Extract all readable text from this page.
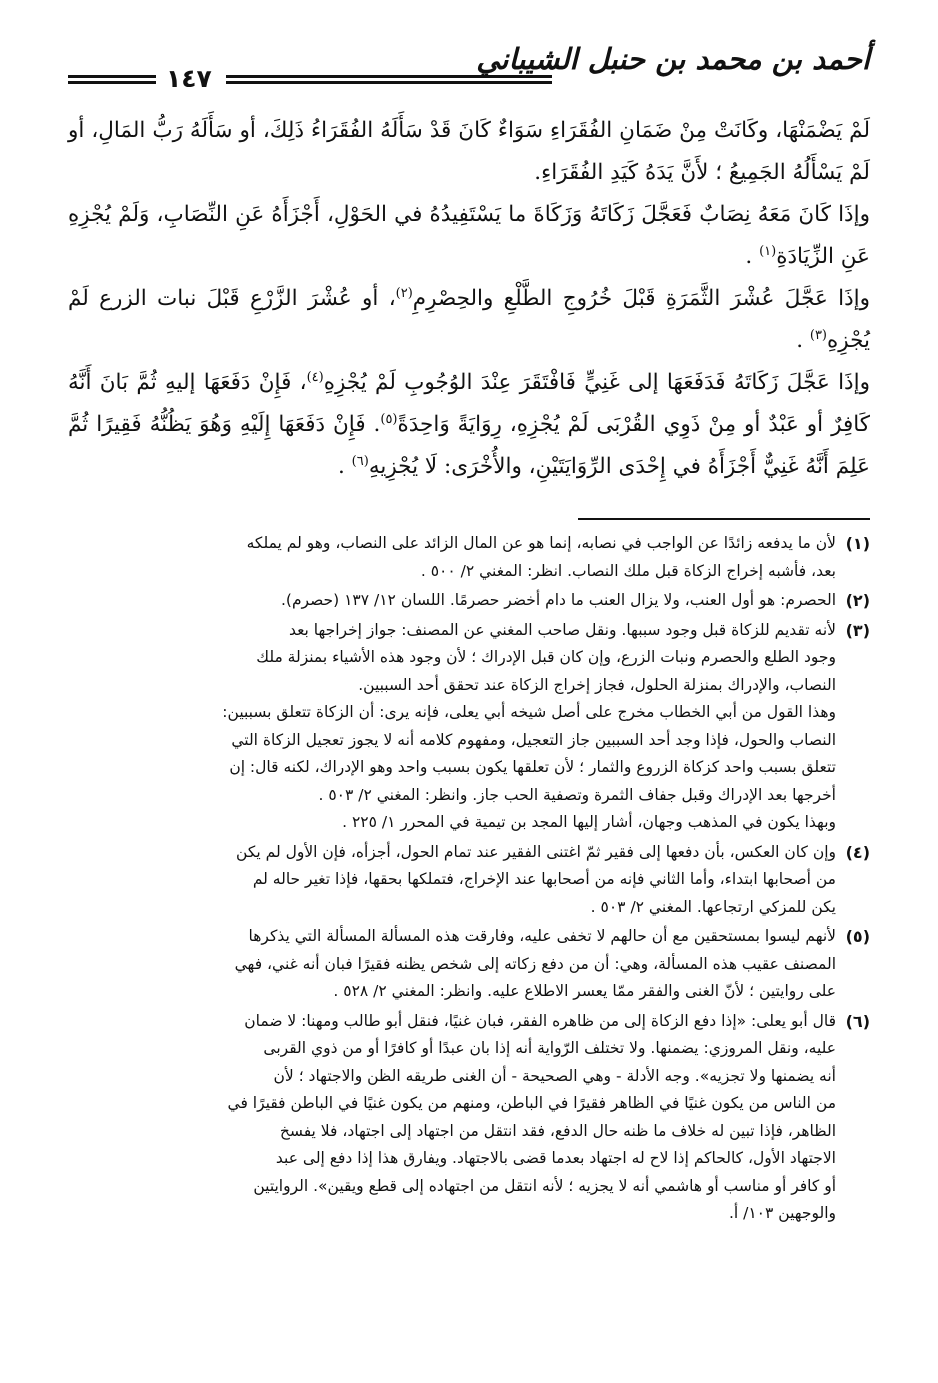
أحمد بن محمد بن حنبل الشيباني
١٤٧

لَمْ يَضْمَنْهَا، وكَانَتْ مِنْ ضَمَانِ الفُقَرَاءِ سَوَاءٌ كَانَ قَدْ سَأَلَهُ الفُقَرَاءُ ذَلِكَ، أو سَأَلَهُ رَبُّ المَالِ، أو لَمْ يَسْأَلُهُ الجَمِيعُ ؛ لأَنَّ يَدَهُ كَيَدِ الفُقَرَاءِ.

وإذَا كَانَ مَعَهُ نِصَابٌ فَعَجَّلَ زَكَاتَهُ وَزَكَاةَ ما يَسْتَفِيدُهُ في الحَوْلِ، أَجْزَأَهُ عَنِ النِّصَابِ، وَلَمْ يُجْزِهِ عَنِ الزِّيَادَةِ$^{(١)}$ .

وإذَا عَجَّلَ عُشْرَ الثَّمَرَةِ قَبْلَ خُرُوجِ الطَّلْعِ والحِصْرِمِ$^{(٢)}$، أو عُشْرَ الزَّرْعِ قَبْلَ نبات الزرع لَمْ يُجْزِهِ$^{(٣)}$ .

وإذَا عَجَّلَ زَكَاتَهُ فَدَفَعَهَا إلى غَنِيٍّ فَافْتَقَرَ عِنْدَ الوُجُوبِ لَمْ يُجْزِهِ$^{(٤)}$، فَإِنْ دَفَعَهَا إليهِ ثُمَّ بَانَ أَنَّهُ كَافِرٌ أو عَبْدٌ أو مِنْ ذَوِي القُرْبَى لَمْ يُجْزِهِ، رِوَايَةً وَاحِدَةً$^{(٥)}$. فَإِنْ دَفَعَهَا إِلَيْهِ وَهُوَ يَظُنُّهُ فَقِيرًا ثُمَّ عَلِمَ أَنَّهُ غَنِيٌّ أَجْزَأَهُ في إِحْدَى الرِّوَايَتَيْنِ، والأُخْرَى: لَا يُجْزِيهِ$^{(٦)}$ .

(١)

لأن ما يدفعه زائدًا عن الواجب في نصابه، إنما هو عن المال الزائد على النصاب، وهو لم يملكه

بعد، فأشبه إخراج الزكاة قبل ملك النصاب. انظر: المغني ٢/ ٥٠٠ .

(٢)

الحصرم: هو أول العنب، ولا يزال العنب ما دام أخضر حصرمًا. اللسان ١٢/ ١٣٧ (حصرم).

(٣)

لأنه تقديم للزكاة قبل وجود سببها. ونقل صاحب المغني عن المصنف: جواز إخراجها بعد

وجود الطلع والحصرم ونبات الزرع، وإن كان قبل الإدراك ؛ لأن وجود هذه الأشياء بمنزلة ملك

النصاب، والإدراك بمنزلة الحلول، فجاز إخراج الزكاة عند تحقق أحد السببين.

وهذا القول من أبي الخطاب مخرج على أصل شيخه أبي يعلى، فإنه يرى: أن الزكاة تتعلق بسببين:

النصاب والحول، فإذا وجد أحد السببين جاز التعجيل، ومفهوم كلامه أنه لا يجوز تعجيل الزكاة التي

تتعلق بسبب واحد كزكاة الزروع والثمار ؛ لأن تعلقها يكون بسبب واحد وهو الإدراك، لكنه قال: إن

أخرجها بعد الإدراك وقبل جفاف الثمرة وتصفية الحب جاز. وانظر: المغني ٢/ ٥٠٣ .

وبهذا يكون في المذهب وجهان، أشار إليها المجد بن تيمية في المحرر ١/ ٢٢٥ .

(٤)

وإن كان العكس، بأن دفعها إلى فقير ثمّ اغتنى الفقير عند تمام الحول، أجزأه، فإن الأول لم يكن

من أصحابها ابتداء، وأما الثاني فإنه من أصحابها عند الإخراج، فتملكها بحقها، فإذا تغير حاله لم

يكن للمزكي ارتجاعها. المغني ٢/ ٥٠٣ .

(٥)

لأنهم ليسوا بمستحقين مع أن حالهم لا تخفى عليه، وفارقت هذه المسألة المسألة التي يذكرها

المصنف عقيب هذه المسألة، وهي: أن من دفع زكاته إلى شخص يظنه فقيرًا فبان أنه غني، فهي

على روايتين ؛ لأنّ الغنى والفقر ممّا يعسر الاطلاع عليه. وانظر: المغني ٢/ ٥٢٨ .

(٦)

قال أبو يعلى: «إذا دفع الزكاة إلى من ظاهره الفقر، فبان غنيًا، فنقل أبو طالب ومهنا: لا ضمان

عليه، ونقل المروزي: يضمنها. ولا تختلف الرّواية أنه إذا بان عبدًا أو كافرًا أو من ذوي القربى

أنه يضمنها ولا تجزيه». وجه الأدلة - وهي الصحيحة - أن الغنى طريقه الظن والاجتهاد ؛ لأن

من الناس من يكون غنيًا في الظاهر فقيرًا في الباطن، ومنهم من يكون غنيًا في الباطن فقيرًا في

الظاهر، فإذا تبين له خلاف ما ظنه حال الدفع، فقد انتقل من اجتهاد إلى اجتهاد، فلا يفسخ

الاجتهاد الأول، كالحاكم إذا لاح له اجتهاد بعدما قضى بالاجتهاد. ويفارق هذا إذا دفع إلى عبد

أو كافر أو مناسب أو هاشمي أنه لا يجزيه ؛ لأنه انتقل من اجتهاده إلى قطع ويقين». الروايتين

والوجهين ١٠٣/ أ.
